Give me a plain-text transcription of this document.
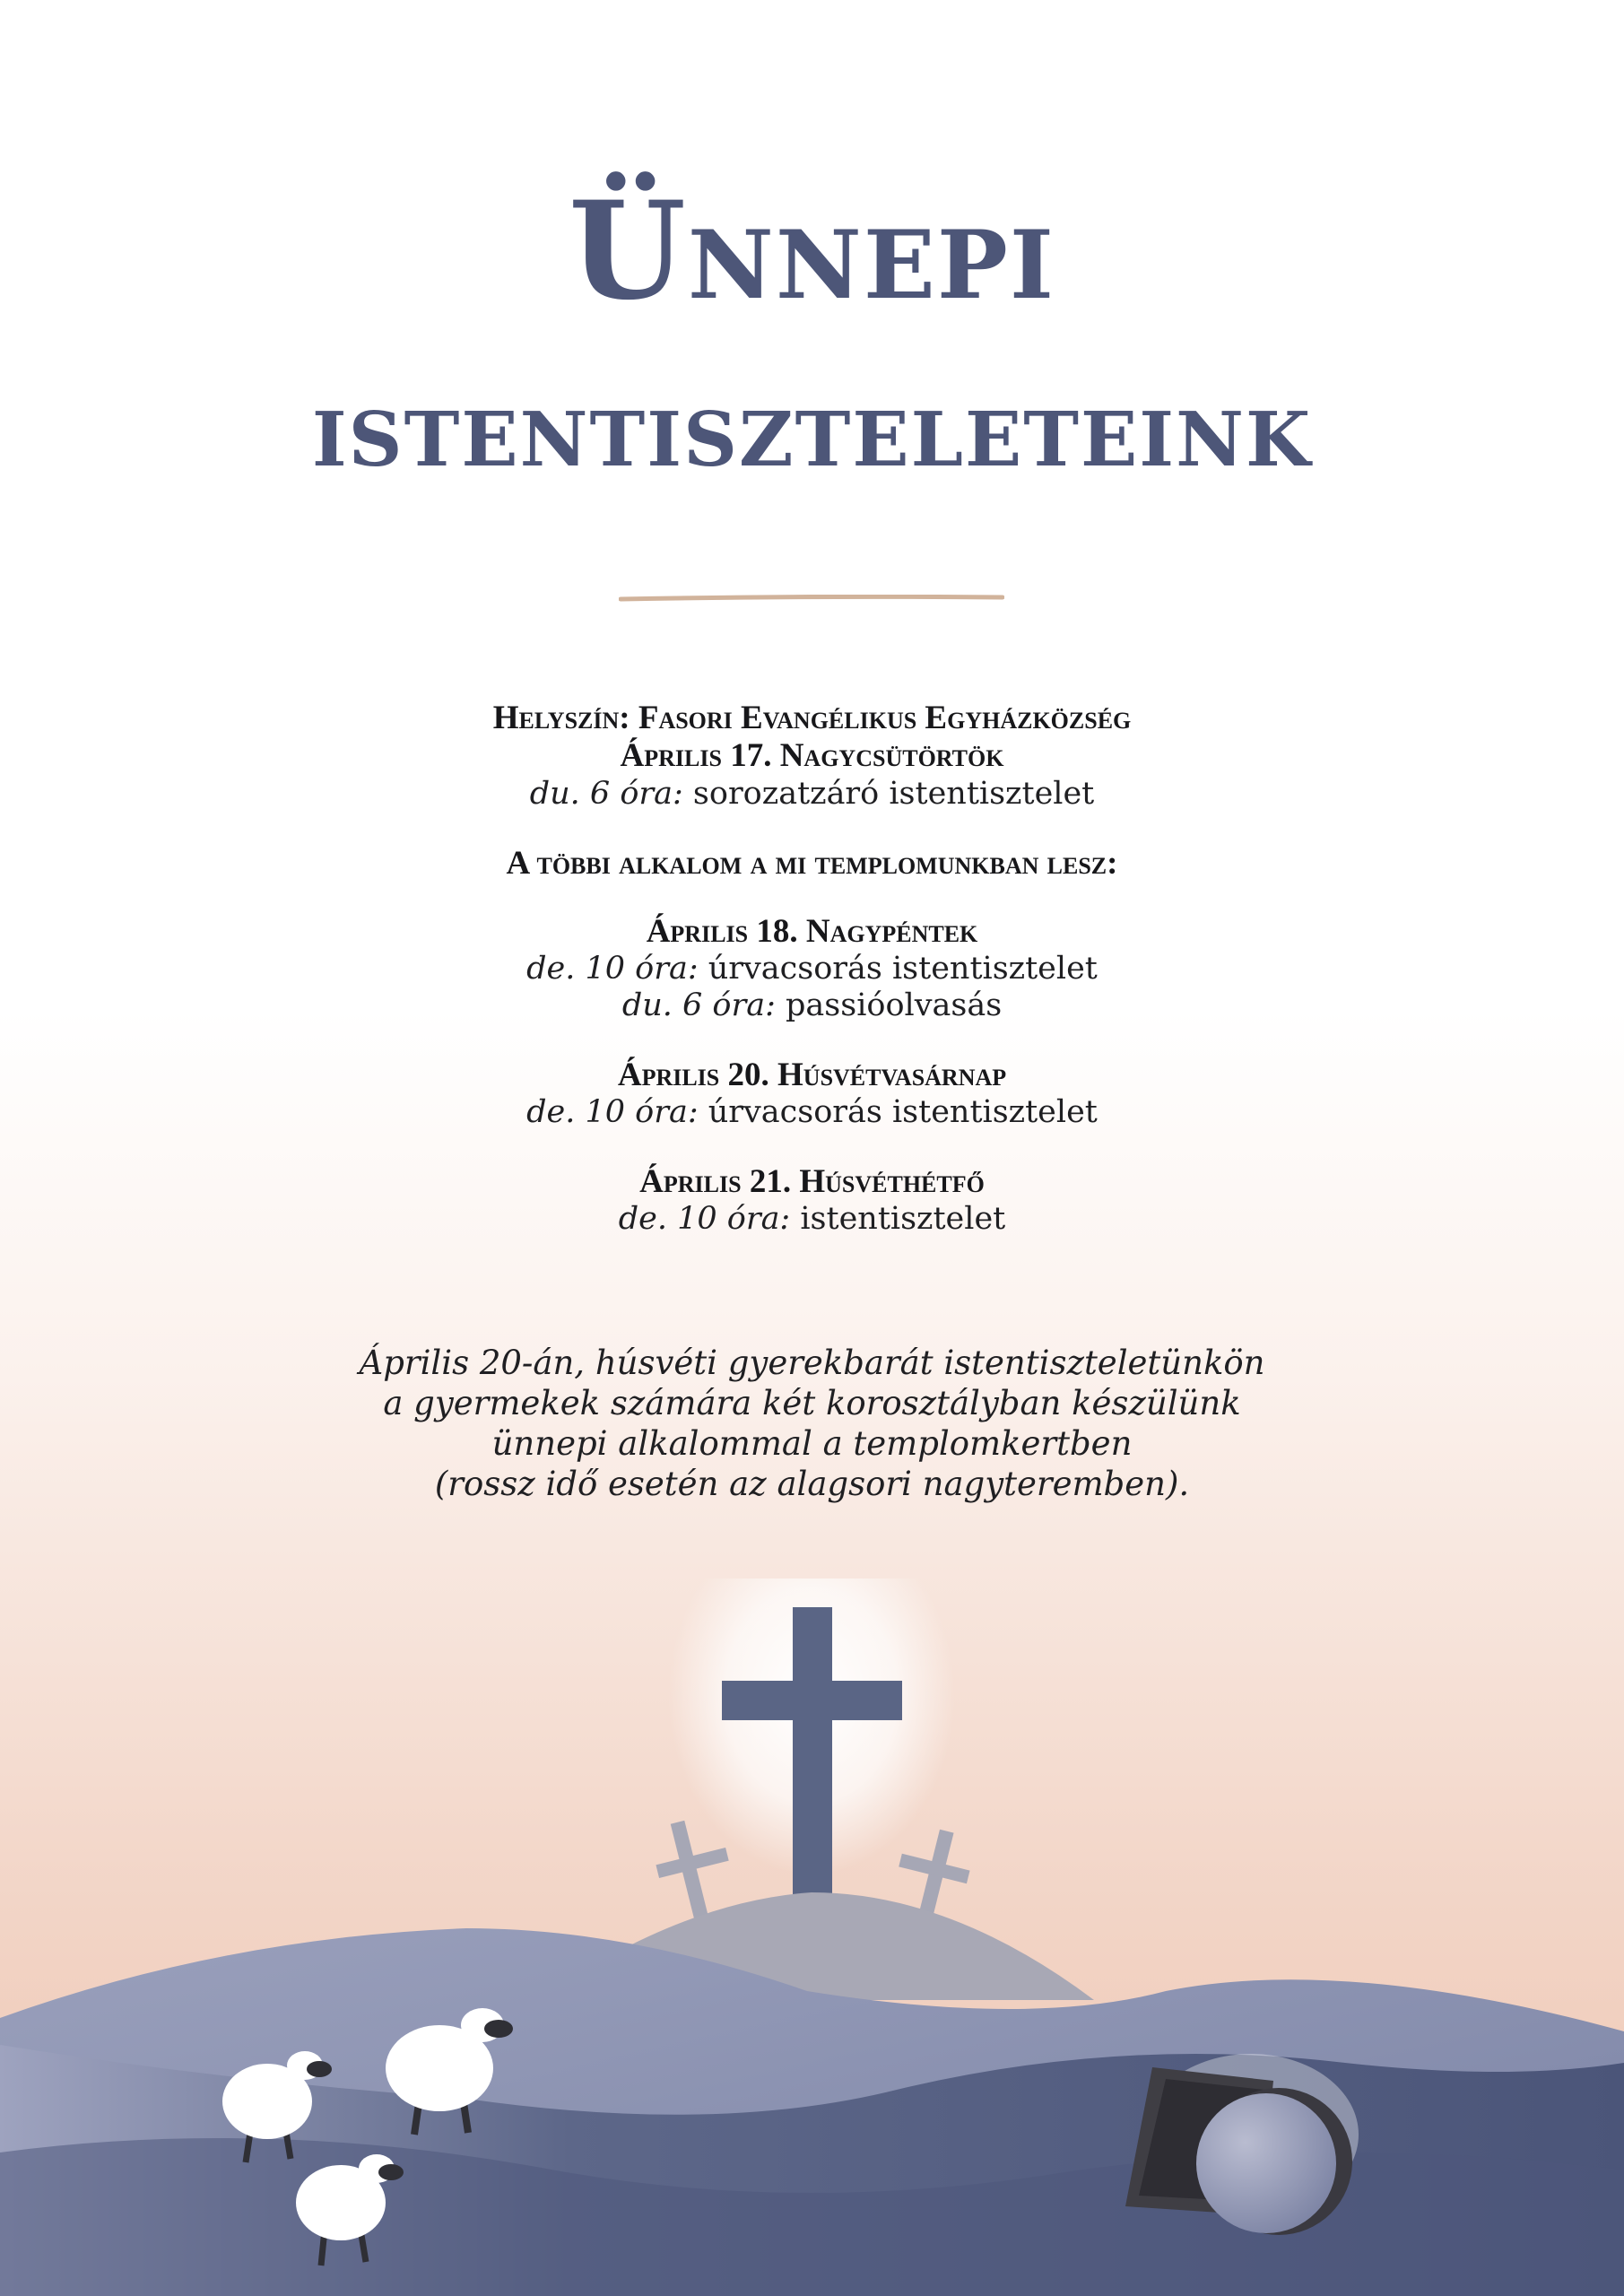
Ünnepi
istentiszteleteink
Helyszín: Fasori Evangélikus Egyházközség
Április 17. Nagycsütörtök
du. 6 óra: sorozatzáró istentisztelet
A többi alkalom a mi templomunkban lesz:
Április 18. Nagypéntek
de. 10 óra: úrvacsorás istentisztelet
du. 6 óra: passióolvasás
Április 20. Húsvétvasárnap
de. 10 óra: úrvacsorás istentisztelet
Április 21. Húsvéthétfő
de. 10 óra: istentisztelet
Április 20-án, húsvéti gyerekbarát istentiszteletünkön
a gyermekek számára két korosztályban készülünk
ünnepi alkalommal a templomkertben
(rossz idő esetén az alagsori nagyteremben).
